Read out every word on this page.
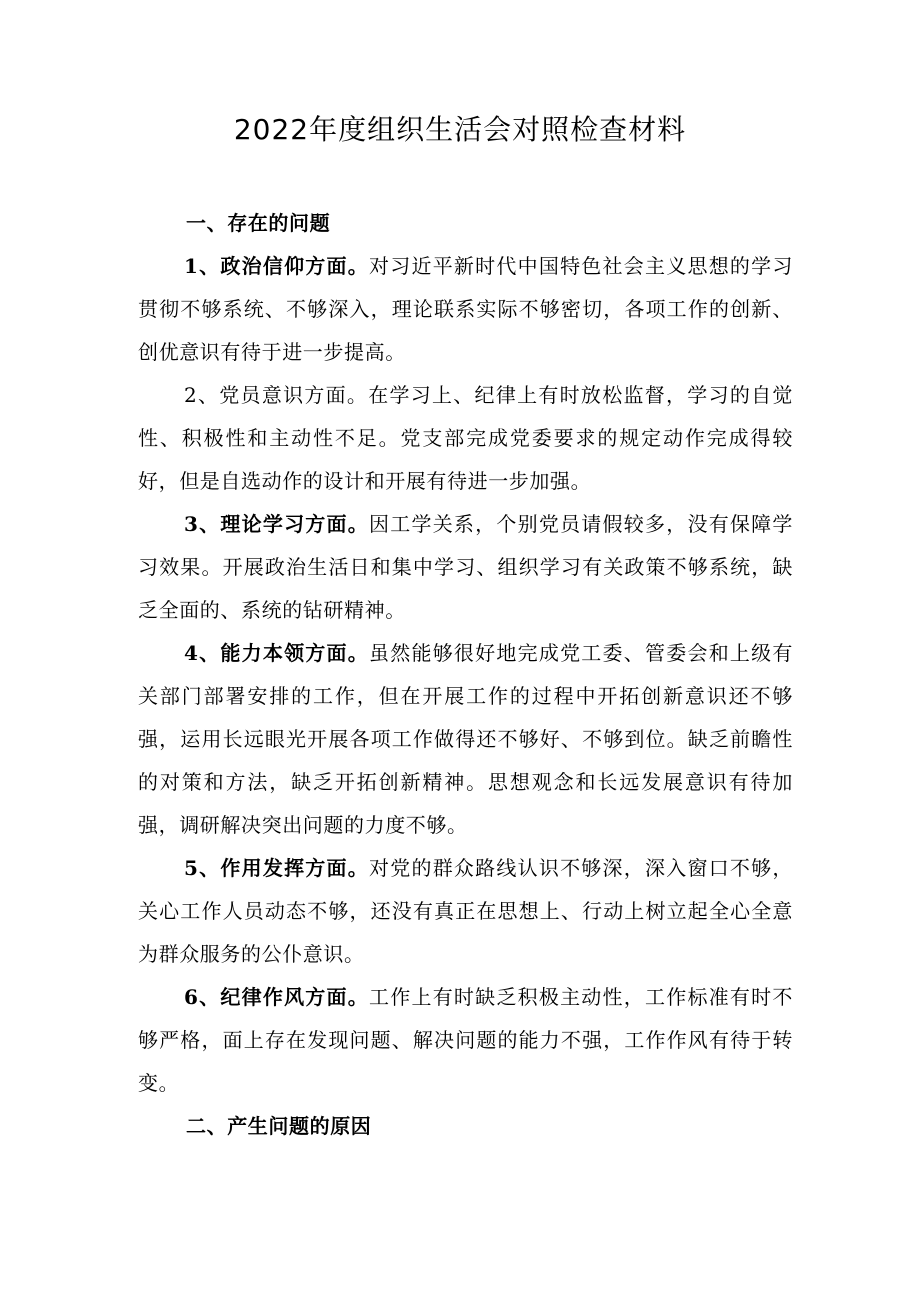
2022年度组织生活会对照检查材料

一、存在的问题

1、政治信仰方面。对习近平新时代中国特色社会主义思想的学习贯彻不够系统、不够深入，理论联系实际不够密切，各项工作的创新、创优意识有待于进一步提高。

2、党员意识方面。在学习上、纪律上有时放松监督，学习的自觉性、积极性和主动性不足。党支部完成党委要求的规定动作完成得较好，但是自选动作的设计和开展有待进一步加强。

3、理论学习方面。因工学关系，个别党员请假较多，没有保障学习效果。开展政治生活日和集中学习、组织学习有关政策不够系统，缺乏全面的、系统的钻研精神。

4、能力本领方面。虽然能够很好地完成党工委、管委会和上级有关部门部署安排的工作，但在开展工作的过程中开拓创新意识还不够强，运用长远眼光开展各项工作做得还不够好、不够到位。缺乏前瞻性的对策和方法，缺乏开拓创新精神。思想观念和长远发展意识有待加强，调研解决突出问题的力度不够。

5、作用发挥方面。对党的群众路线认识不够深，深入窗口不够，关心工作人员动态不够，还没有真正在思想上、行动上树立起全心全意为群众服务的公仆意识。

6、纪律作风方面。工作上有时缺乏积极主动性，工作标准有时不够严格，面上存在发现问题、解决问题的能力不强，工作作风有待于转变。

二、产生问题的原因
